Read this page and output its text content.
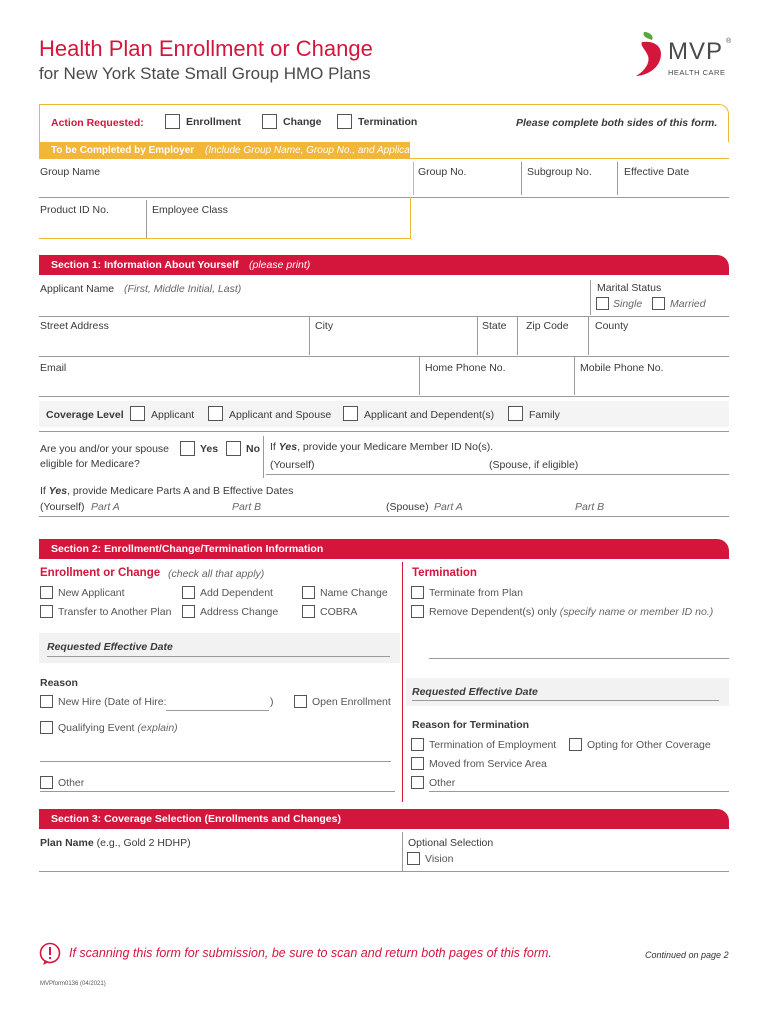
Health Plan Enrollment or Change
for New York State Small Group HMO Plans
MVP ®
HEALTH CARE
Action Requested:	Enrollment	Change	Termination	Please complete both sides of this form.
To be Completed by Employer (Include Group Name, Group No., and Applicant Name on page 2)
Group Name	Group No.	Subgroup No.	Effective Date
Product ID No.	Employee Class
Section 1: Information About Yourself (please print)
Applicant Name (First, Middle Initial, Last)	Marital Status
Single	Married
Street Address	City	State Zip Code	County
Email	Home Phone No.	Mobile Phone No.
Coverage Level	Applicant	Applicant and Spouse	Applicant and Dependent(s)	Family
Are you and/or your spouse
eligible for Medicare?
Yes	No If Yes, provide your Medicare Member ID No(s).
(Yourself)	(Spouse, if eligible)
If Yes, provide Medicare Parts A and B Effective Dates
(Yourself) Part A	Part B	(Spouse) Part A	Part B
Section 2: Enrollment/Change/Termination Information
Enrollment or Change (check all that apply)
New Applicant	Add Dependent	Name Change
Transfer to Another Plan	Address Change	COBRA
Requested Effective Date
Reason
New Hire (Date of Hire:	)	Open Enrollment
Qualifying Event (explain)
Other
Termination
Terminate from Plan
Remove Dependent(s) only (specify name or member ID no.)
Requested Effective Date
Reason for Termination
Termination of Employment	Opting for Other Coverage
Moved from Service Area
Other
Section 3: Coverage Selection (Enrollments and Changes)
Plan Name (e.g., Gold 2 HDHP)	Optional Selection
Vision
If scanning this form for submission, be sure to scan and return both pages of this form.	Continued on page 2
MVPform0136 (04/2021)
